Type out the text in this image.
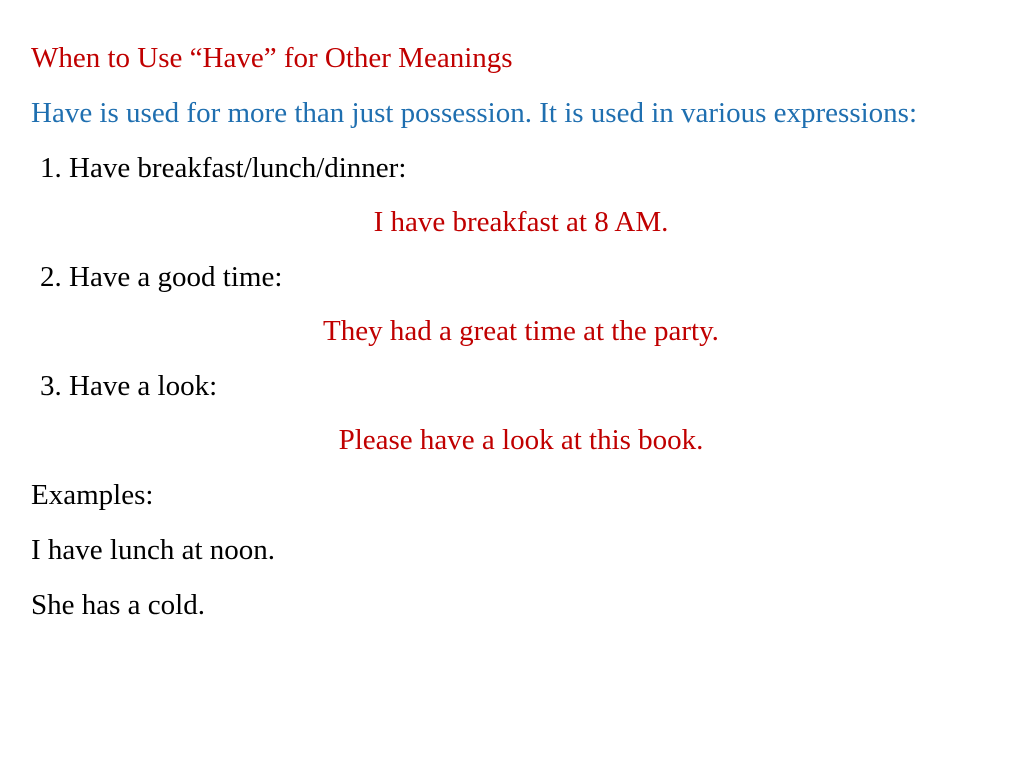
When to Use “Have” for Other Meanings
Have is used for more than just possession. It is used in various expressions:
1. Have breakfast/lunch/dinner:
I have breakfast at 8 AM.
2. Have a good time:
They had a great time at the party.
3. Have a look:
Please have a look at this book.
Examples:
I have lunch at noon.
She has a cold.
